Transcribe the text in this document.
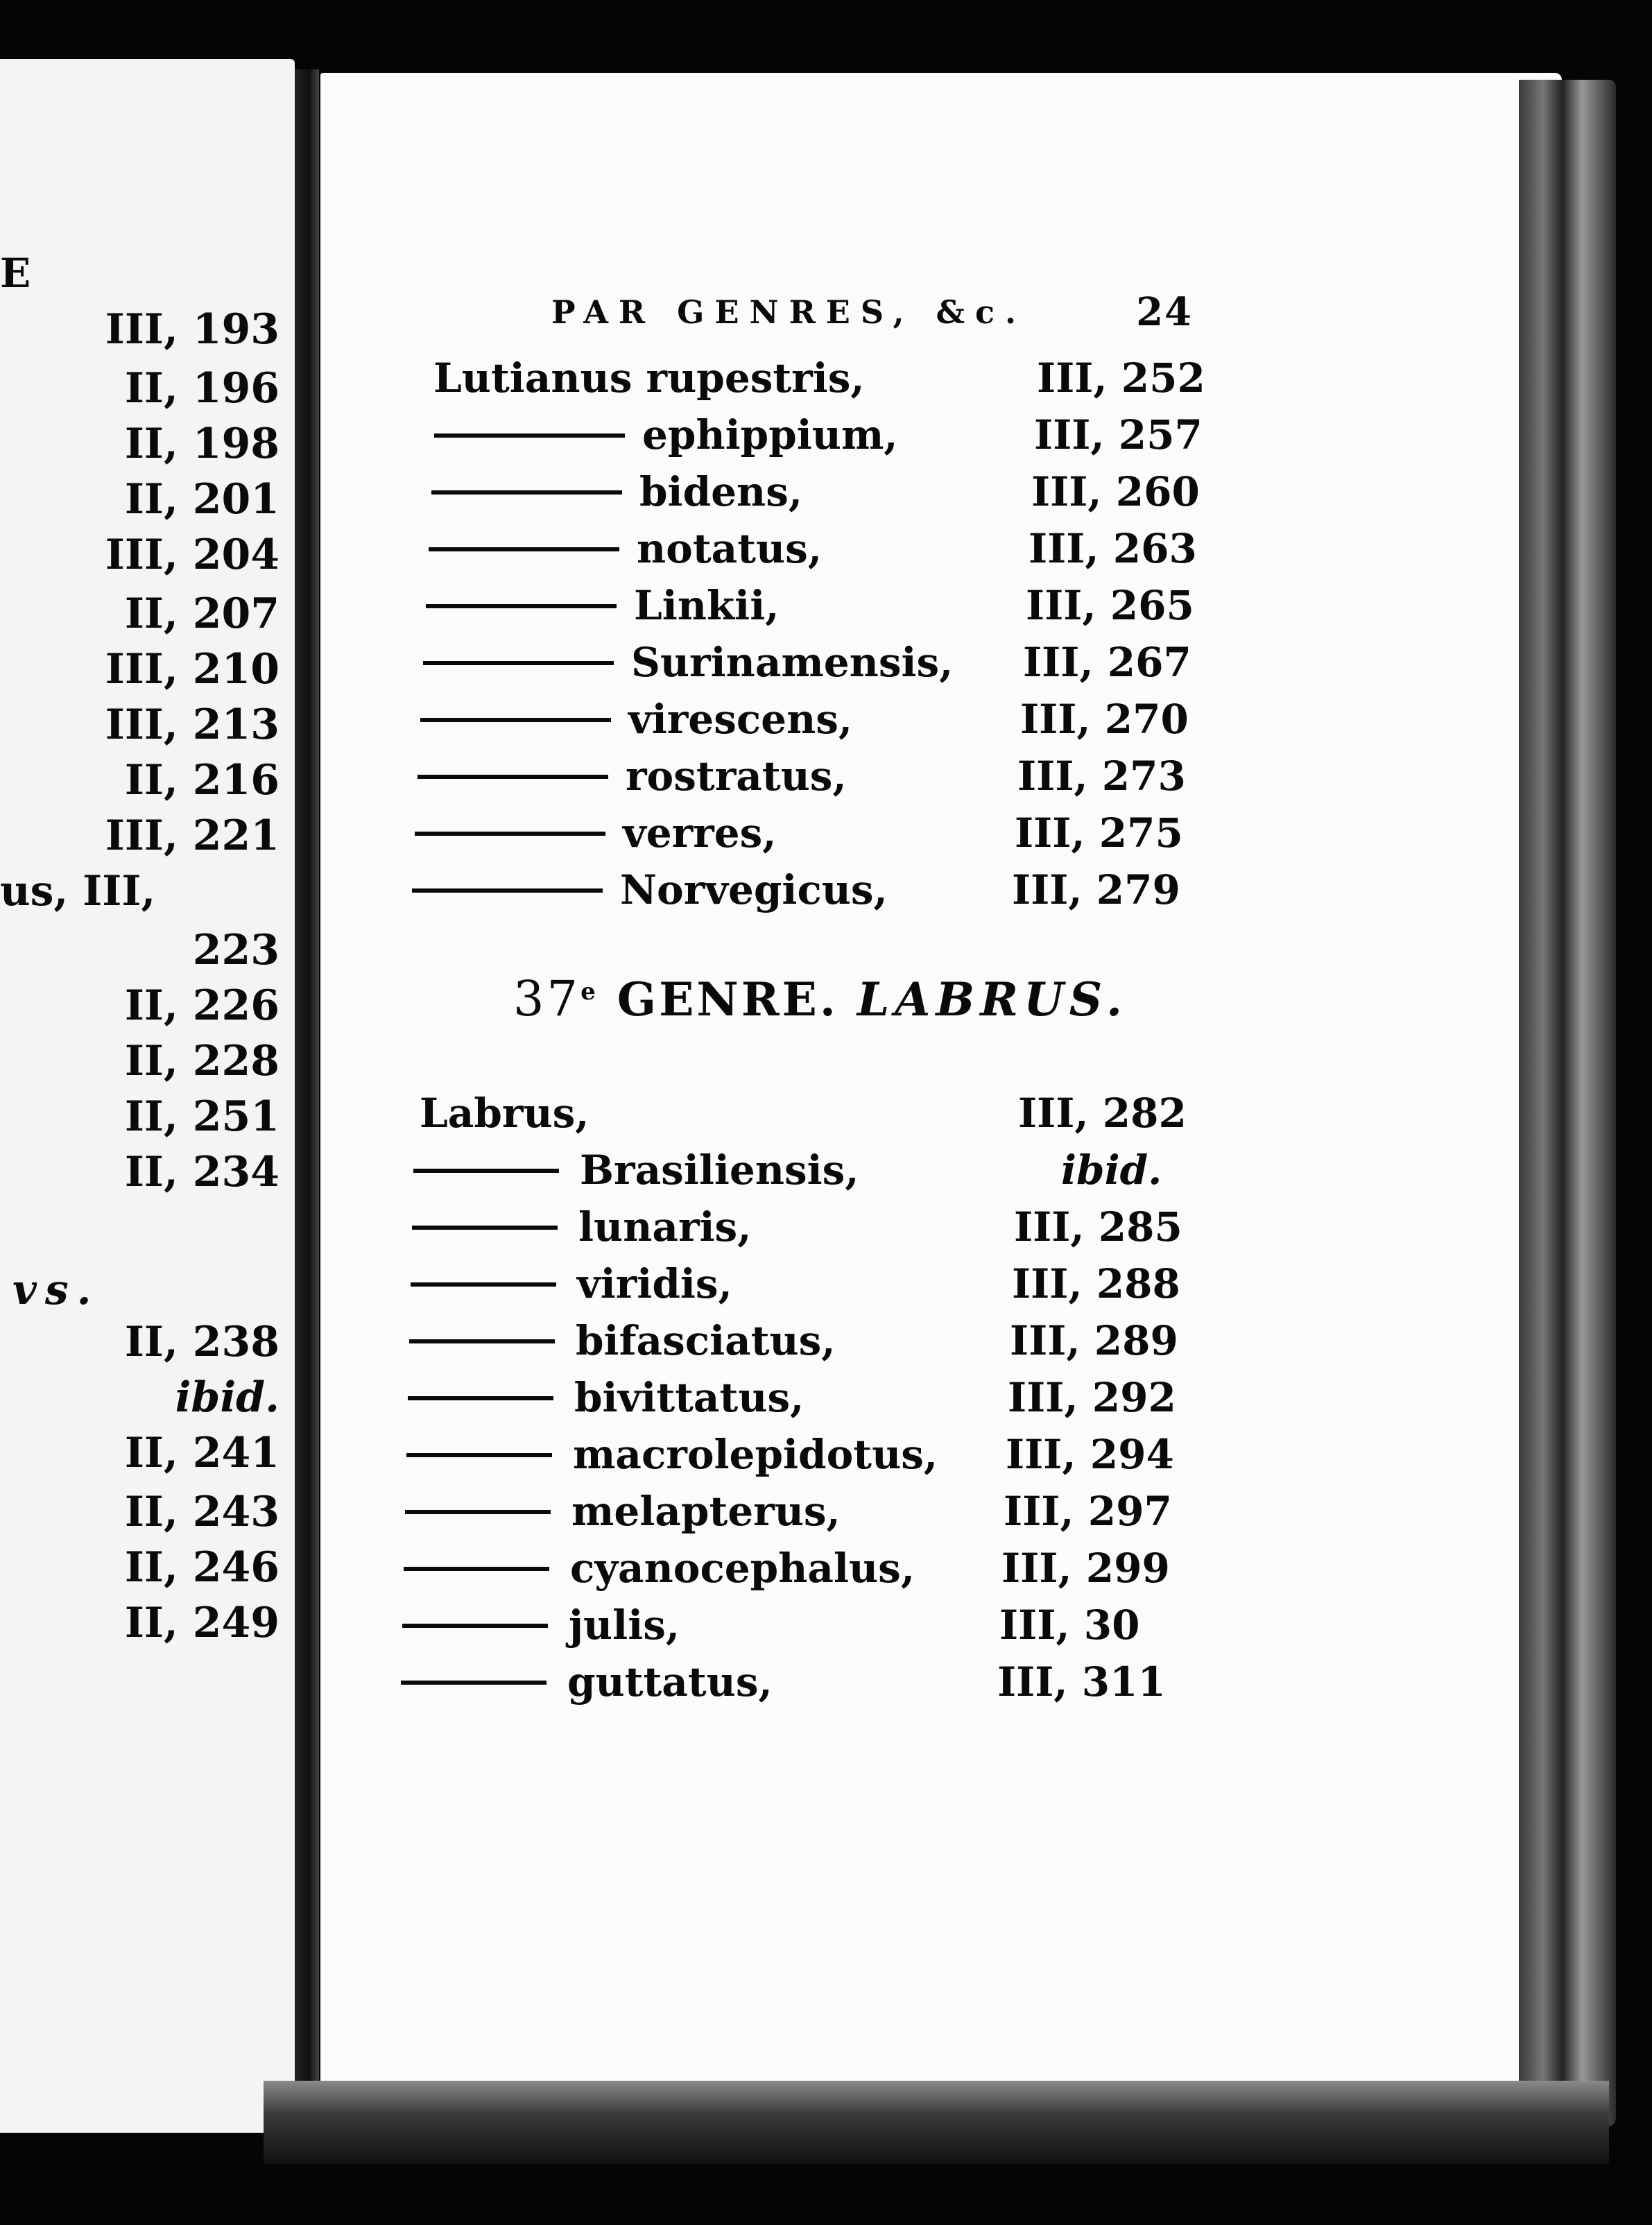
E
III, 193
II, 196
II, 198
II, 201
III, 204
II, 207
III, 210
III, 213
II, 216
III, 221
us, III,
223
II, 226
II, 228
II, 251
II, 234
II, 238
ibid.
II, 241
II, 243
II, 246
II, 249
vs.
PAR GENRES, &c.	24
Lutianus rupestris,	III, 252
ephippium,	III, 257
bidens,	III, 260
notatus,	III, 263
Linkii,	III, 265
Surinamensis, III, 267
virescens,	III, 270
rostratus,	III, 273
verres,	III, 275
Norvegicus,	III, 279
37e GENRE. LABRUS.
Labrus,	III, 282
Brasiliensis,	ibid.
lunaris,	III, 285
viridis,	III, 288
bifasciatus,	III, 289
bivittatus,	III, 292
macrolepidotus, III, 294
melapterus,	III, 297
cyanocephalus, III, 299
julis,	III, 30
guttatus,	III, 311
